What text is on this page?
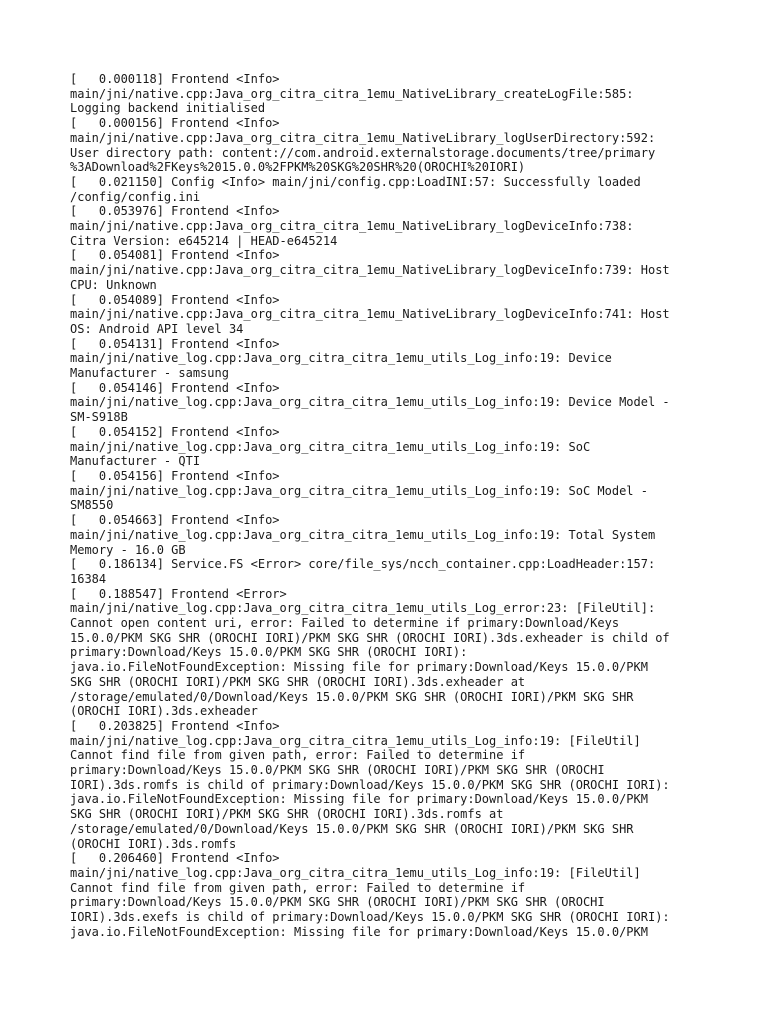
[   0.000118] Frontend <Info>
main/jni/native.cpp:Java_org_citra_citra_1emu_NativeLibrary_createLogFile:585:
Logging backend initialised
[   0.000156] Frontend <Info>
main/jni/native.cpp:Java_org_citra_citra_1emu_NativeLibrary_logUserDirectory:592:
User directory path: content://com.android.externalstorage.documents/tree/primary
%3ADownload%2FKeys%2015.0.0%2FPKM%20SKG%20SHR%20(OROCHI%20IORI)
[   0.021150] Config <Info> main/jni/config.cpp:LoadINI:57: Successfully loaded
/config/config.ini
[   0.053976] Frontend <Info>
main/jni/native.cpp:Java_org_citra_citra_1emu_NativeLibrary_logDeviceInfo:738:
Citra Version: e645214 | HEAD-e645214
[   0.054081] Frontend <Info>
main/jni/native.cpp:Java_org_citra_citra_1emu_NativeLibrary_logDeviceInfo:739: Host
CPU: Unknown
[   0.054089] Frontend <Info>
main/jni/native.cpp:Java_org_citra_citra_1emu_NativeLibrary_logDeviceInfo:741: Host
OS: Android API level 34
[   0.054131] Frontend <Info>
main/jni/native_log.cpp:Java_org_citra_citra_1emu_utils_Log_info:19: Device
Manufacturer - samsung
[   0.054146] Frontend <Info>
main/jni/native_log.cpp:Java_org_citra_citra_1emu_utils_Log_info:19: Device Model -
SM-S918B
[   0.054152] Frontend <Info>
main/jni/native_log.cpp:Java_org_citra_citra_1emu_utils_Log_info:19: SoC
Manufacturer - QTI
[   0.054156] Frontend <Info>
main/jni/native_log.cpp:Java_org_citra_citra_1emu_utils_Log_info:19: SoC Model -
SM8550
[   0.054663] Frontend <Info>
main/jni/native_log.cpp:Java_org_citra_citra_1emu_utils_Log_info:19: Total System
Memory - 16.0 GB
[   0.186134] Service.FS <Error> core/file_sys/ncch_container.cpp:LoadHeader:157:
16384
[   0.188547] Frontend <Error>
main/jni/native_log.cpp:Java_org_citra_citra_1emu_utils_Log_error:23: [FileUtil]:
Cannot open content uri, error: Failed to determine if primary:Download/Keys
15.0.0/PKM SKG SHR (OROCHI IORI)/PKM SKG SHR (OROCHI IORI).3ds.exheader is child of
primary:Download/Keys 15.0.0/PKM SKG SHR (OROCHI IORI):
java.io.FileNotFoundException: Missing file for primary:Download/Keys 15.0.0/PKM
SKG SHR (OROCHI IORI)/PKM SKG SHR (OROCHI IORI).3ds.exheader at
/storage/emulated/0/Download/Keys 15.0.0/PKM SKG SHR (OROCHI IORI)/PKM SKG SHR
(OROCHI IORI).3ds.exheader
[   0.203825] Frontend <Info>
main/jni/native_log.cpp:Java_org_citra_citra_1emu_utils_Log_info:19: [FileUtil]
Cannot find file from given path, error: Failed to determine if
primary:Download/Keys 15.0.0/PKM SKG SHR (OROCHI IORI)/PKM SKG SHR (OROCHI
IORI).3ds.romfs is child of primary:Download/Keys 15.0.0/PKM SKG SHR (OROCHI IORI):
java.io.FileNotFoundException: Missing file for primary:Download/Keys 15.0.0/PKM
SKG SHR (OROCHI IORI)/PKM SKG SHR (OROCHI IORI).3ds.romfs at
/storage/emulated/0/Download/Keys 15.0.0/PKM SKG SHR (OROCHI IORI)/PKM SKG SHR
(OROCHI IORI).3ds.romfs
[   0.206460] Frontend <Info>
main/jni/native_log.cpp:Java_org_citra_citra_1emu_utils_Log_info:19: [FileUtil]
Cannot find file from given path, error: Failed to determine if
primary:Download/Keys 15.0.0/PKM SKG SHR (OROCHI IORI)/PKM SKG SHR (OROCHI
IORI).3ds.exefs is child of primary:Download/Keys 15.0.0/PKM SKG SHR (OROCHI IORI):
java.io.FileNotFoundException: Missing file for primary:Download/Keys 15.0.0/PKM
